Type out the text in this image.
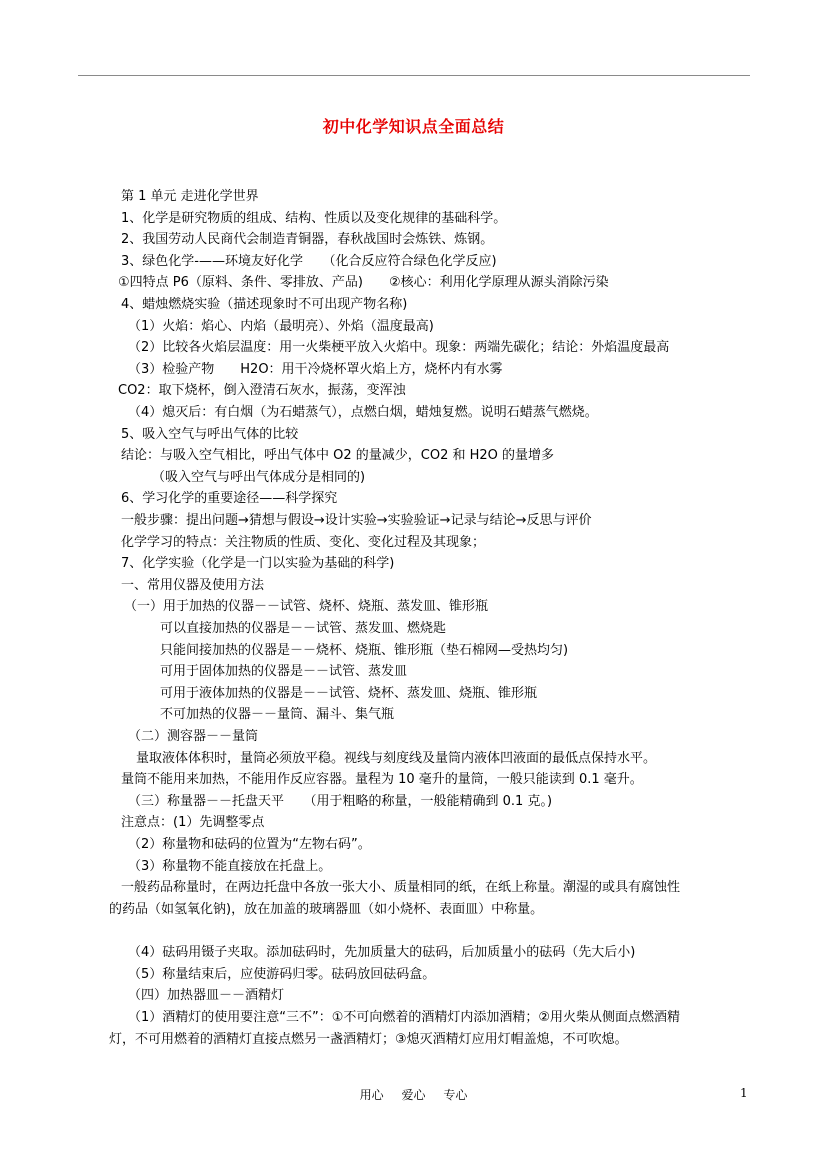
初中化学知识点全面总结
第 1 单元 走进化学世界
1、化学是研究物质的组成、结构、性质以及变化规律的基础科学。
2、我国劳动人民商代会制造青铜器，春秋战国时会炼铁、炼钢。
3、绿色化学-——环境友好化学　　（化合反应符合绿色化学反应)
①四特点 P6（原料、条件、零排放、产品)　　②核心：利用化学原理从源头消除污染
4、蜡烛燃烧实验（描述现象时不可出现产物名称)
（1）火焰：焰心、内焰（最明亮）、外焰（温度最高)
（2）比较各火焰层温度：用一火柴梗平放入火焰中。现象：两端先碳化；结论：外焰温度最高
（3）检验产物　　H2O：用干冷烧杯罩火焰上方，烧杯内有水雾
CO2：取下烧杯，倒入澄清石灰水，振荡，变浑浊
（4）熄灭后：有白烟（为石蜡蒸气），点燃白烟，蜡烛复燃。说明石蜡蒸气燃烧。
5、吸入空气与呼出气体的比较
结论：与吸入空气相比，呼出气体中 O2 的量减少，CO2 和 H2O 的量增多
（吸入空气与呼出气体成分是相同的)
6、学习化学的重要途径——科学探究
一般步骤：提出问题→猜想与假设→设计实验→实验验证→记录与结论→反思与评价
化学学习的特点：关注物质的性质、变化、变化过程及其现象；
7、化学实验（化学是一门以实验为基础的科学)
一、常用仪器及使用方法
（一）用于加热的仪器－－试管、烧杯、烧瓶、蒸发皿、锥形瓶
可以直接加热的仪器是－－试管、蒸发皿、燃烧匙
只能间接加热的仪器是－－烧杯、烧瓶、锥形瓶（垫石棉网—受热均匀)
可用于固体加热的仪器是－－试管、蒸发皿
可用于液体加热的仪器是－－试管、烧杯、蒸发皿、烧瓶、锥形瓶
不可加热的仪器－－量筒、漏斗、集气瓶
（二）测容器－－量筒
量取液体体积时，量筒必须放平稳。视线与刻度线及量筒内液体凹液面的最低点保持水平。
量筒不能用来加热，不能用作反应容器。量程为 10 毫升的量筒，一般只能读到 0.1 毫升。
（三）称量器－－托盘天平　　（用于粗略的称量，一般能精确到 0.1 克。)
注意点：(1）先调整零点
（2）称量物和砝码的位置为“左物右码”。
（3）称量物不能直接放在托盘上。
一般药品称量时，在两边托盘中各放一张大小、质量相同的纸，在纸上称量。潮湿的或具有腐蚀性
的药品（如氢氧化钠)，放在加盖的玻璃器皿（如小烧杯、表面皿）中称量。
（4）砝码用镊子夹取。添加砝码时，先加质量大的砝码，后加质量小的砝码（先大后小)
（5）称量结束后，应使游码归零。砝码放回砝码盒。
（四）加热器皿－－酒精灯
（1）酒精灯的使用要注意“三不”：①不可向燃着的酒精灯内添加酒精；②用火柴从侧面点燃酒精
灯，不可用燃着的酒精灯直接点燃另一盏酒精灯；③熄灭酒精灯应用灯帽盖熄，不可吹熄。
用心 爱心 专心	1
